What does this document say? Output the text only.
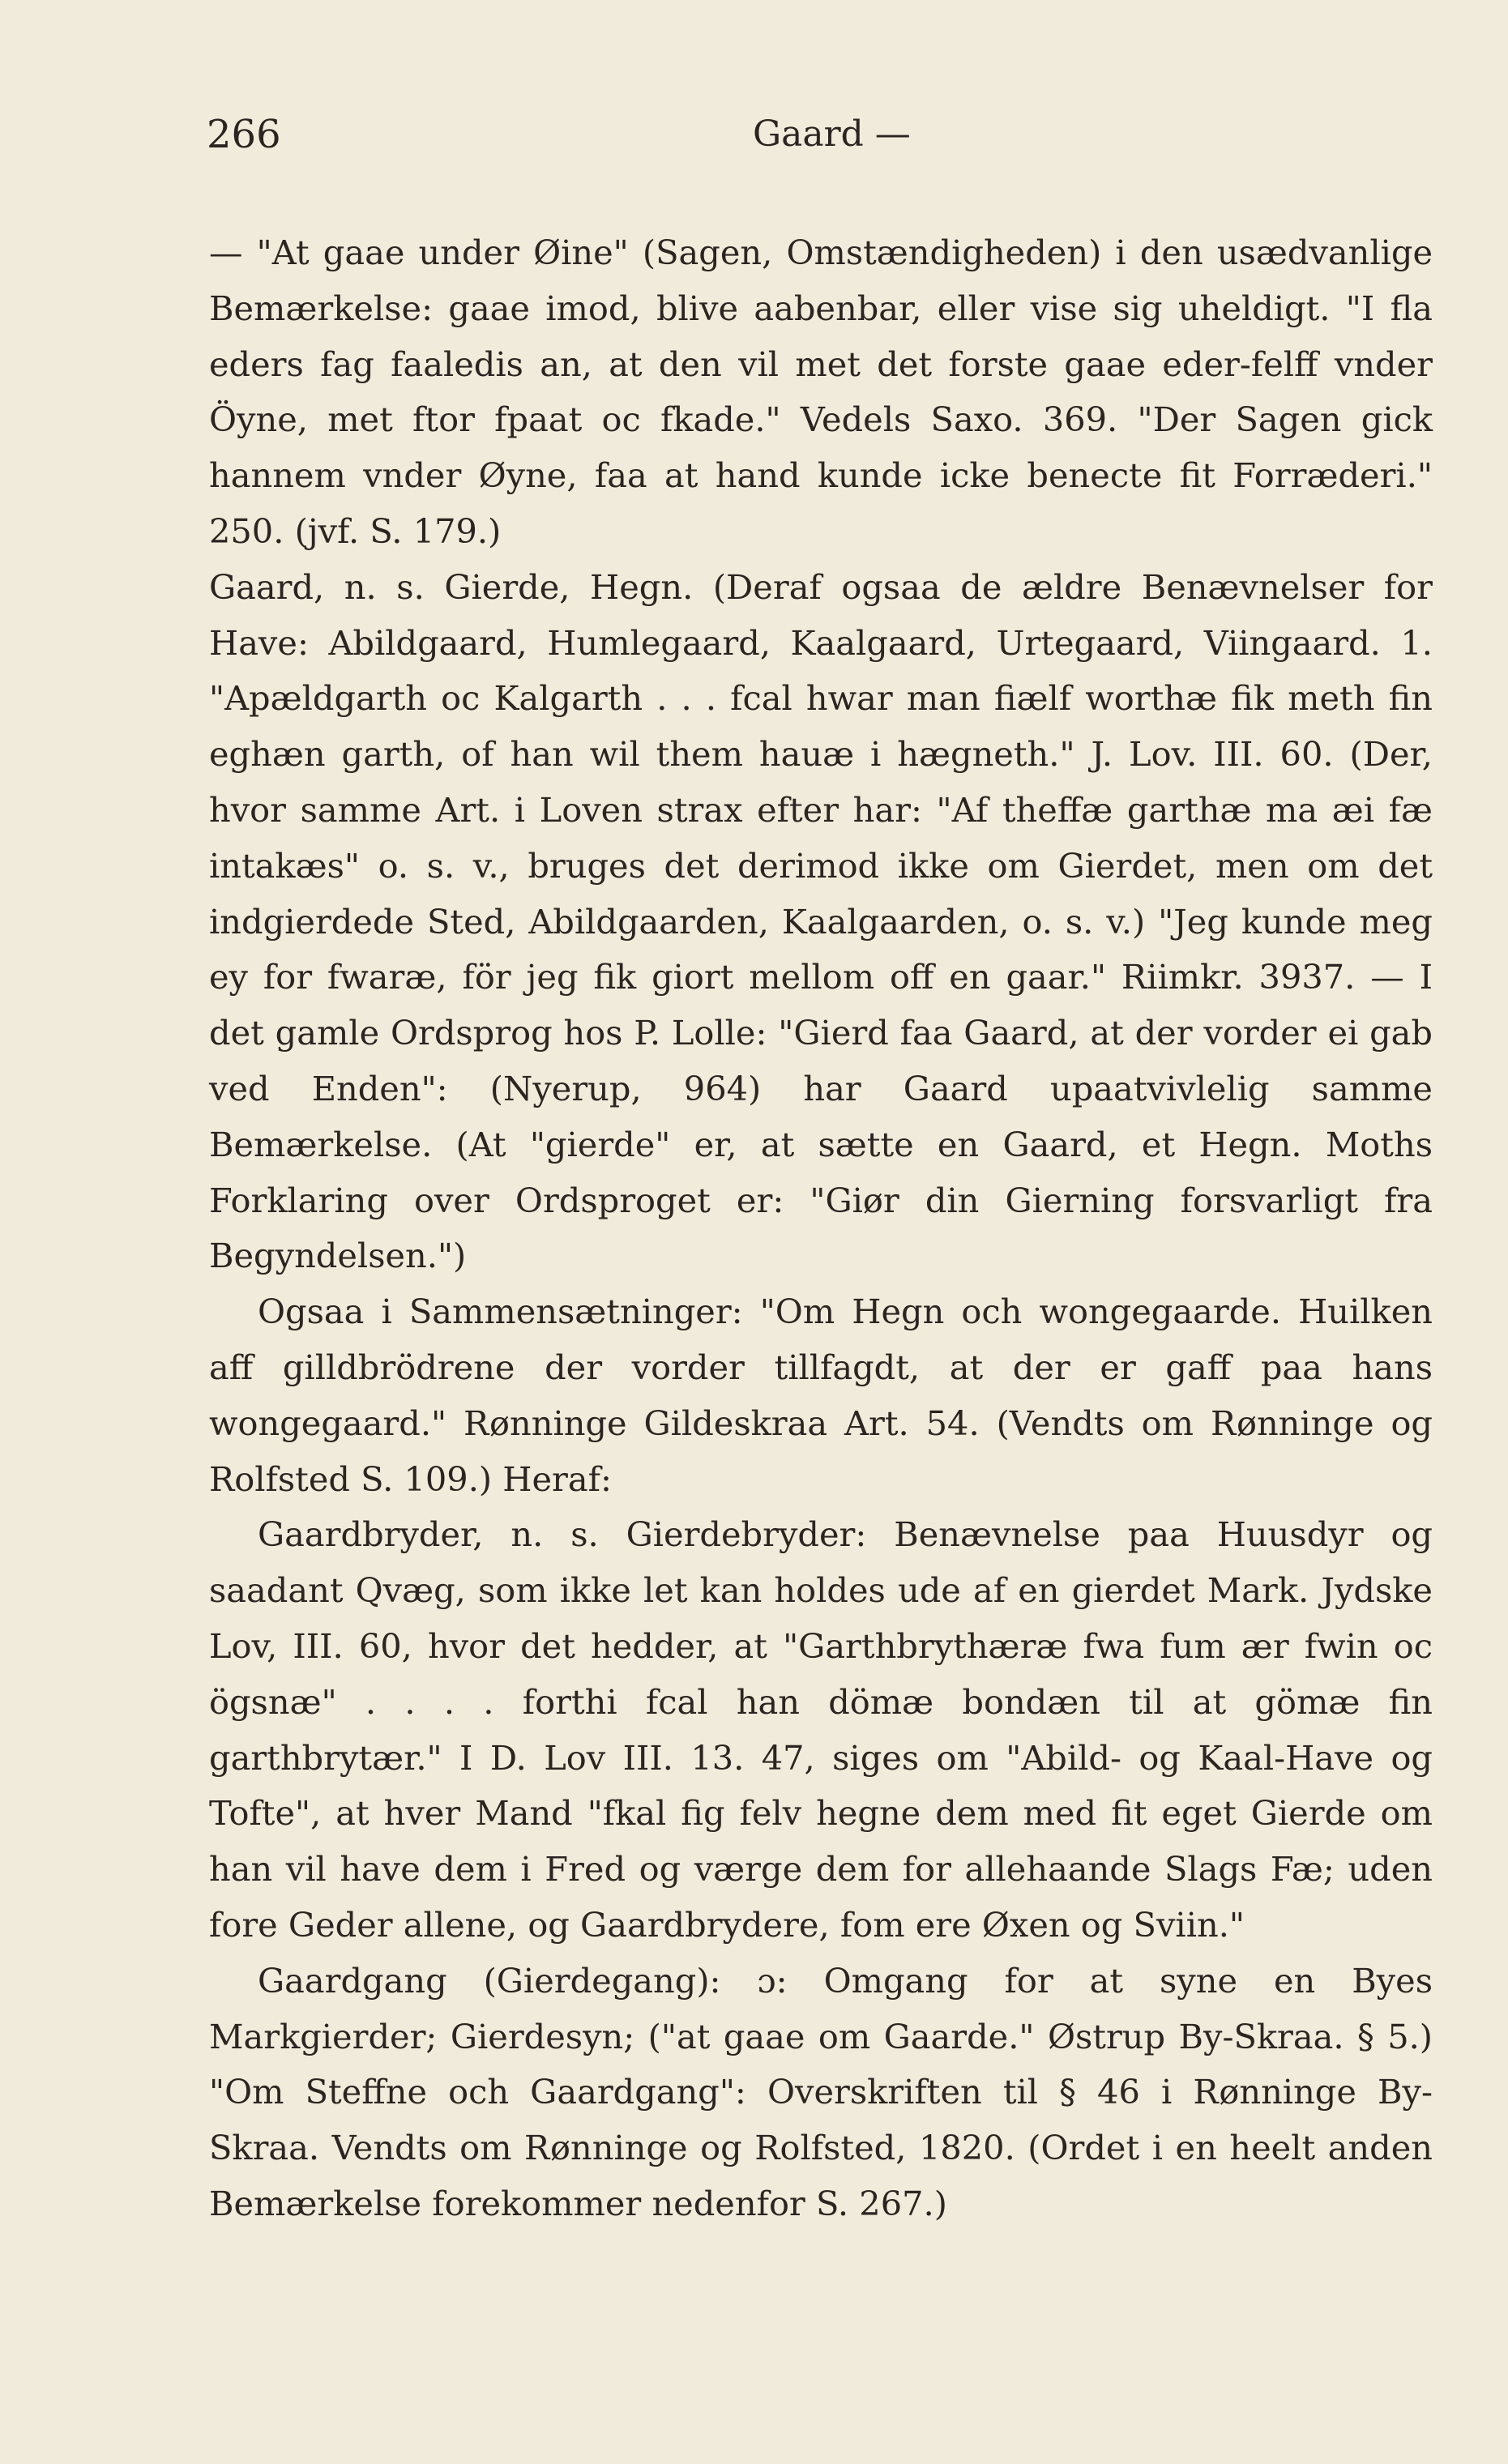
266	Gaard —

— "At gaae under Øine" (Sagen, Omstændigheden) i den usædvanlige Bemærkelse: gaae imod, blive aabenbar, eller vise sig uheldigt. "I fla eders fag faaledis an, at den vil met det forste gaae eder-felff vnder Öyne, met ftor fpaat oc fkade." Vedels Saxo. 369. "Der Sagen gick hannem vnder Øyne, faa at hand kunde icke benecte fit Forræderi." 250. (jvf. S. 179.)

Gaard, n. s. Gierde, Hegn. (Deraf ogsaa de ældre Benævnelser for Have: Abildgaard, Humlegaard, Kaalgaard, Urtegaard, Viingaard. 1. "Apældgarth oc Kalgarth . . . fcal hwar man fiælf worthæ fik meth fin eghæn garth, of han wil them hauæ i hægneth." J. Lov. III. 60. (Der, hvor samme Art. i Loven strax efter har: "Af theffæ garthæ ma æi fæ intakæs" o. s. v., bruges det derimod ikke om Gierdet, men om det indgierdede Sted, Abildgaarden, Kaalgaarden, o. s. v.) "Jeg kunde meg ey for fwaræ, för jeg fik giort mellom off en gaar." Riimkr. 3937. — I det gamle Ordsprog hos P. Lolle: "Gierd faa Gaard, at der vorder ei gab ved Enden": (Nyerup, 964) har Gaard upaatvivlelig samme Bemærkelse. (At "gierde" er, at sætte en Gaard, et Hegn. Moths Forklaring over Ordsproget er: "Giør din Gierning forsvarligt fra Begyndelsen.")

Ogsaa i Sammensætninger: "Om Hegn och wongegaarde. Huilken aff gilldbrödrene der vorder tillfagdt, at der er gaff paa hans wongegaard." Rønninge Gildeskraa Art. 54. (Vendts om Rønninge og Rolfsted S. 109.) Heraf:

Gaardbryder, n. s. Gierdebryder: Benævnelse paa Huusdyr og saadant Qvæg, som ikke let kan holdes ude af en gierdet Mark. Jydske Lov, III. 60, hvor det hedder, at "Garthbrythæræ fwa fum ær fwin oc ögsnæ" . . . . forthi fcal han dömæ bondæn til at gömæ fin garthbrytær." I D. Lov III. 13. 47, siges om "Abild- og Kaal-Have og Tofte", at hver Mand "fkal fig felv hegne dem med fit eget Gierde om han vil have dem i Fred og værge dem for allehaande Slags Fæ; uden fore Geder allene, og Gaardbrydere, fom ere Øxen og Sviin."

Gaardgang (Gierdegang): ɔ: Omgang for at syne en Byes Markgierder; Gierdesyn; ("at gaae om Gaarde." Østrup By-Skraa. § 5.) "Om Steffne och Gaardgang": Overskriften til § 46 i Rønninge By-Skraa. Vendts om Rønninge og Rolfsted, 1820. (Ordet i en heelt anden Bemærkelse forekommer nedenfor S. 267.)
